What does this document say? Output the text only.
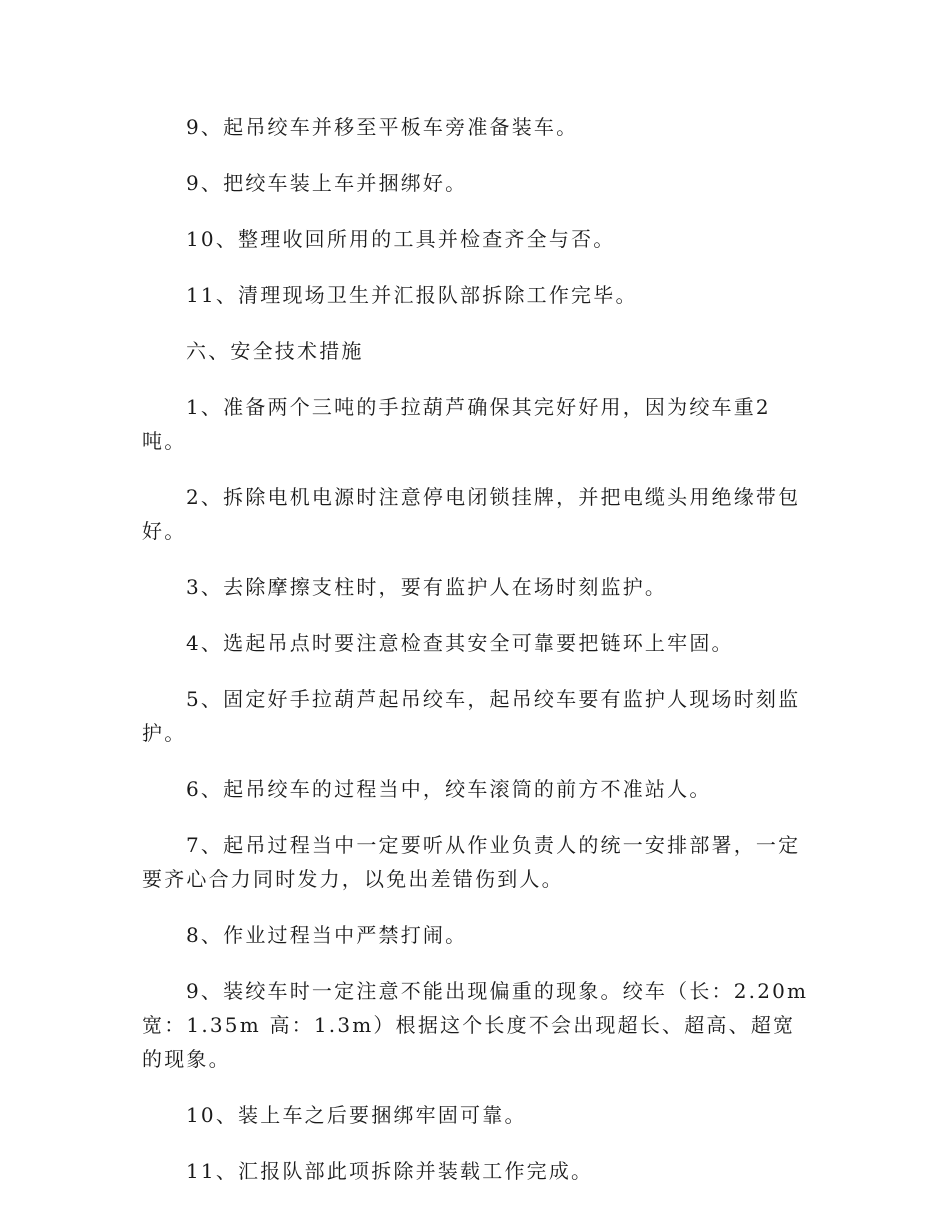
9、起吊绞车并移至平板车旁准备装车。

9、把绞车装上车并捆绑好。

10、整理收回所用的工具并检查齐全与否。

11、清理现场卫生并汇报队部拆除工作完毕。

六、安全技术措施

1、准备两个三吨的手拉葫芦确保其完好好用，因为绞车重2吨。

2、拆除电机电源时注意停电闭锁挂牌，并把电缆头用绝缘带包好。

3、去除摩擦支柱时，要有监护人在场时刻监护。

4、选起吊点时要注意检查其安全可靠要把链环上牢固。

5、固定好手拉葫芦起吊绞车，起吊绞车要有监护人现场时刻监护。

6、起吊绞车的过程当中，绞车滚筒的前方不准站人。

7、起吊过程当中一定要听从作业负责人的统一安排部署，一定要齐心合力同时发力，以免出差错伤到人。

8、作业过程当中严禁打闹。

9、装绞车时一定注意不能出现偏重的现象。绞车（长：2.20m 宽：1.35m 高：1.3m）根据这个长度不会出现超长、超高、超宽的现象。

10、装上车之后要捆绑牢固可靠。

11、汇报队部此项拆除并装载工作完成。
